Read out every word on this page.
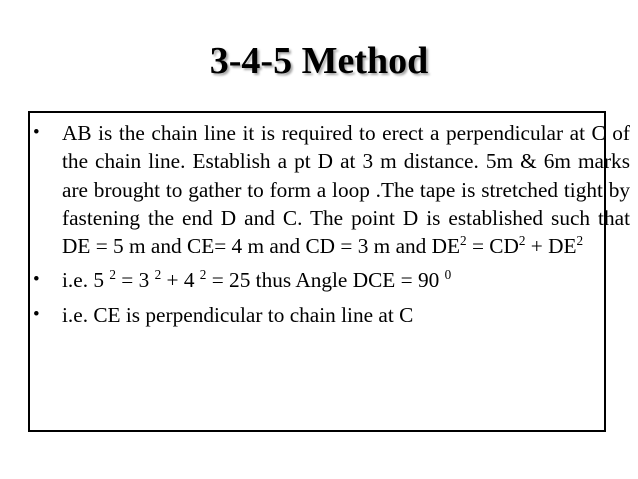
3-4-5 Method
•	AB is the chain line it is required to erect a perpendicular at C of the chain line. Establish a pt D at 3 m distance. 5m & 6m marks are brought to gather to form a loop .The tape is stretched tight by fastening the end D and C. The point D is established such that DE = 5 m and CE= 4 m and CD = 3 m and $DE^2 = CD^2 + DE^2$
•	i.e. 5 $^2$ = 3 $^2$ + 4 $^2$ = 25 thus Angle DCE = 90 $^0$
•	i.e. CE is perpendicular to chain line at C
